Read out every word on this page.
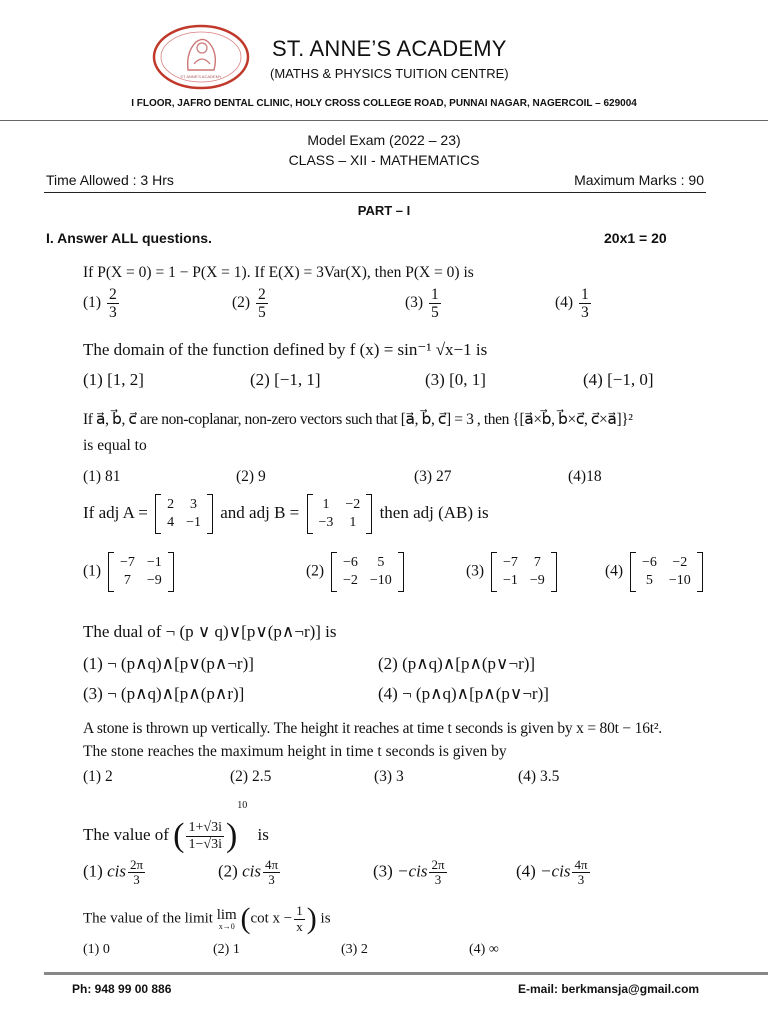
ST ANNE'S ACADEMY
ST. ANNE’S ACADEMY
(MATHS & PHYSICS TUITION CENTRE)
I FLOOR, JAFRO DENTAL CLINIC, HOLY CROSS COLLEGE ROAD, PUNNAI NAGAR, NAGERCOIL – 629004
Model Exam (2022 – 23)
CLASS – XII - MATHEMATICS
Time Allowed : 3 Hrs	Maximum Marks : 90
PART – I
I. Answer ALL questions.	20x1 = 20
If P(X = 0) = 1 − P(X = 1). If E(X) = 3Var(X), then P(X = 0) is
$(1) \frac{2}{3}$	$(2) \frac{2}{5}$	$(3) \frac{1}{5}$	$(4) \frac{1}{3}$
The domain of the function defined by f (x) = sin⁻¹ √x−1 is
(1) [1, 2]	(2) [−1, 1]	(3) [0, 1]	(4) [−1, 0]
If a⃗, b⃗, c⃗ are non-coplanar, non-zero vectors such that [a⃗, b⃗, c⃗] = 3 , then {[a⃗×b⃗, b⃗×c⃗, c⃗×a⃗]}²
is equal to
(1) 81	(2) 9	(3) 27	(4)18
If adj A = 2	3
4	−1
and adj B = 1	−2
−3	1
then adj (AB) is
(1)
−7	−1
7	−9
(2)
−6	5
−2	−10
(3)
−7	7
−1	−9
(4)
−6	−2
5	−10
The dual of ¬ (p ∨ q)∨[p∨(p∧¬r)] is
(1) ¬ (p∧q)∧[p∨(p∧¬r)]	(2) (p∧q)∧[p∧(p∨¬r)]
(3) ¬ (p∧q)∧[p∧(p∧r)]	(4) ¬ (p∧q)∧[p∧(p∨¬r)]
A stone is thrown up vertically. The height it reaches at time t seconds is given by x = 80t − 16t².
The stone reaches the maximum height in time t seconds is given by
(1) 2	(2) 2.5	(3) 3	(4) 3.5
The value of ( $\frac{1+√3i}{1-√3i} )^{10}$ is
(1) cis $\frac{2\pi}{3}$	(2) cis $\frac{4\pi}{3}$	$(3) -cis \frac{2\pi}{3}$	$(4) -cis \frac{4\pi}{3}$
The value of the limit lim
x→0 (cot $x - \frac{1}{x}$ ) is
(1) 0	(2) 1	(3) 2	(4) ∞
Ph: 948 99 00 886	E-mail: berkmansja@gmail.com
